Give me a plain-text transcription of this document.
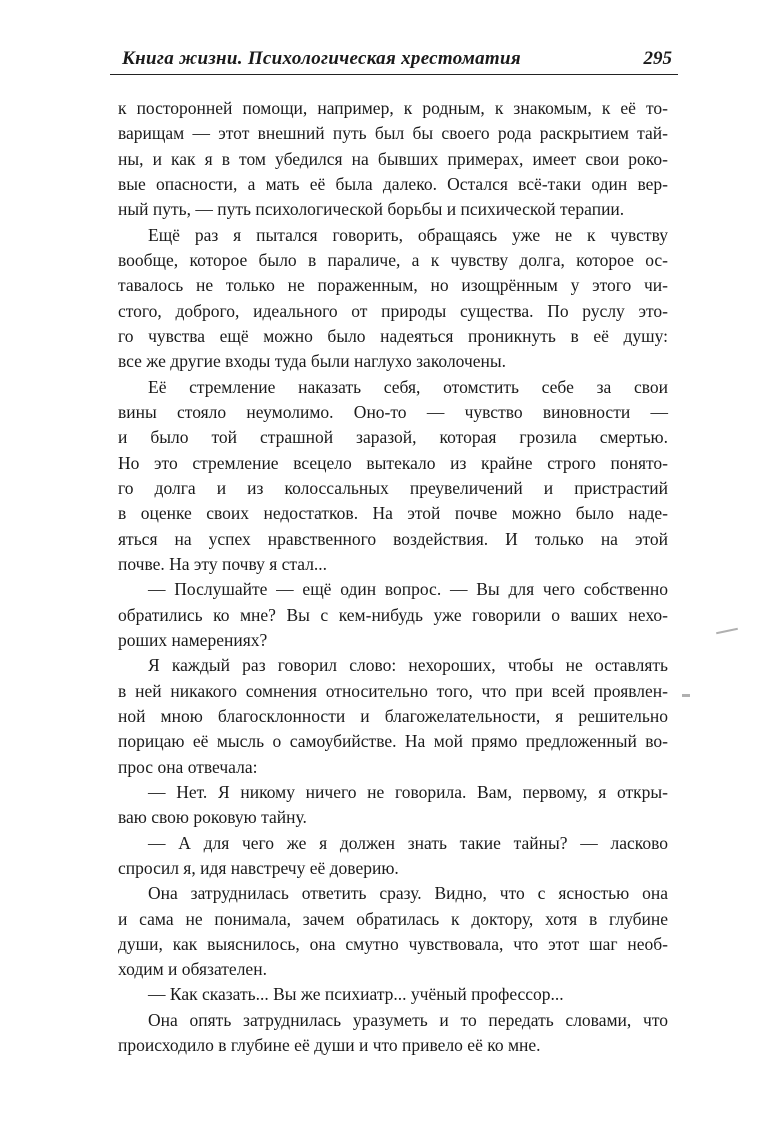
Книга жизни. Психологическая хрестоматия	295
к посторонней помощи, например, к родным, к знакомым, к её то-
варищам — этот внешний путь был бы своего рода раскрытием тай-
ны, и как я в том убедился на бывших примерах, имеет свои роко-
вые опасности, а мать её была далеко. Остался всё-таки один вер-
ный путь, — путь психологической борьбы и психической терапии.
Ещё раз я пытался говорить, обращаясь уже не к чувству
вообще, которое было в параличе, а к чувству долга, которое ос-
тавалось не только не пораженным, но изощрённым у этого чи-
стого, доброго, идеального от природы существа. По руслу это-
го чувства ещё можно было надеяться проникнуть в её душу:
все же другие входы туда были наглухо заколочены.
Её стремление наказать себя, отомстить себе за свои
вины стояло неумолимо. Оно-то — чувство виновности —
и было той страшной заразой, которая грозила смертью.
Но это стремление всецело вытекало из крайне строго понято-
го долга и из колоссальных преувеличений и пристрастий
в оценке своих недостатков. На этой почве можно было наде-
яться на успех нравственного воздействия. И только на этой
почве. На эту почву я стал...
— Послушайте — ещё один вопрос. — Вы для чего собственно
обратились ко мне? Вы с кем-нибудь уже говорили о ваших нехо-
роших намерениях?
Я каждый раз говорил слово: нехороших, чтобы не оставлять
в ней никакого сомнения относительно того, что при всей проявлен-
ной мною благосклонности и благожелательности, я решительно
порицаю её мысль о самоубийстве. На мой прямо предложенный во-
прос она отвечала:
— Нет. Я никому ничего не говорила. Вам, первому, я откры-
ваю свою роковую тайну.
— А для чего же я должен знать такие тайны? — ласково
спросил я, идя навстречу её доверию.
Она затруднилась ответить сразу. Видно, что с ясностью она
и сама не понимала, зачем обратилась к доктору, хотя в глубине
души, как выяснилось, она смутно чувствовала, что этот шаг необ-
ходим и обязателен.
— Как сказать... Вы же психиатр... учёный профессор...
Она опять затруднилась уразуметь и то передать словами, что
происходило в глубине её души и что привело её ко мне.
